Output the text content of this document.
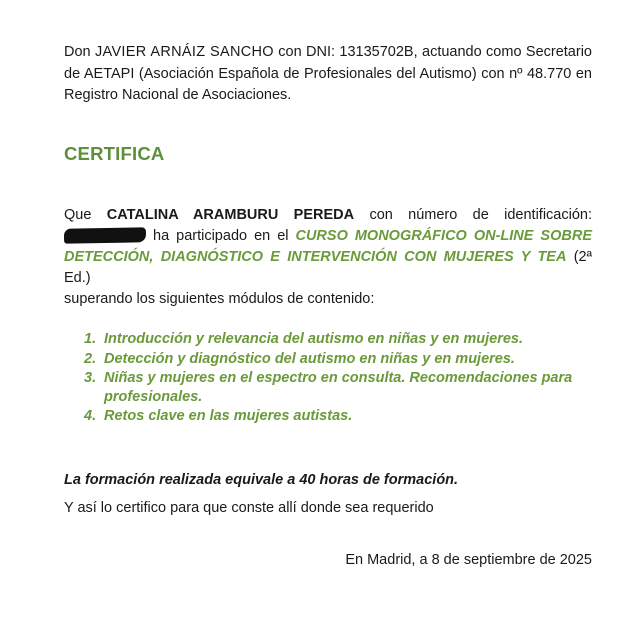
Don JAVIER ARNÁIZ SANCHO con DNI: 13135702B, actuando como Secretario de AETAPI (Asociación Española de Profesionales del Autismo) con nº 48.770 en Registro Nacional de Asociaciones.
CERTIFICA
Que CATALINA ARAMBURU PEREDA con número de identificación:  ha participado en el CURSO MONOGRÁFICO ON-LINE SOBRE DETECCIÓN, DIAGNÓSTICO E INTERVENCIÓN CON MUJERES Y TEA (2ª Ed.)
superando los siguientes módulos de contenido:
1. Introducción y relevancia del autismo en niñas y en mujeres.
2. Detección y diagnóstico del autismo en niñas y en mujeres.
3. Niñas y mujeres en el espectro en consulta. Recomendaciones para profesionales.
4. Retos clave en las mujeres autistas.
La formación realizada equivale a 40 horas de formación.
Y así lo certifico para que conste allí donde sea requerido
En Madrid, a 8 de septiembre de 2025
